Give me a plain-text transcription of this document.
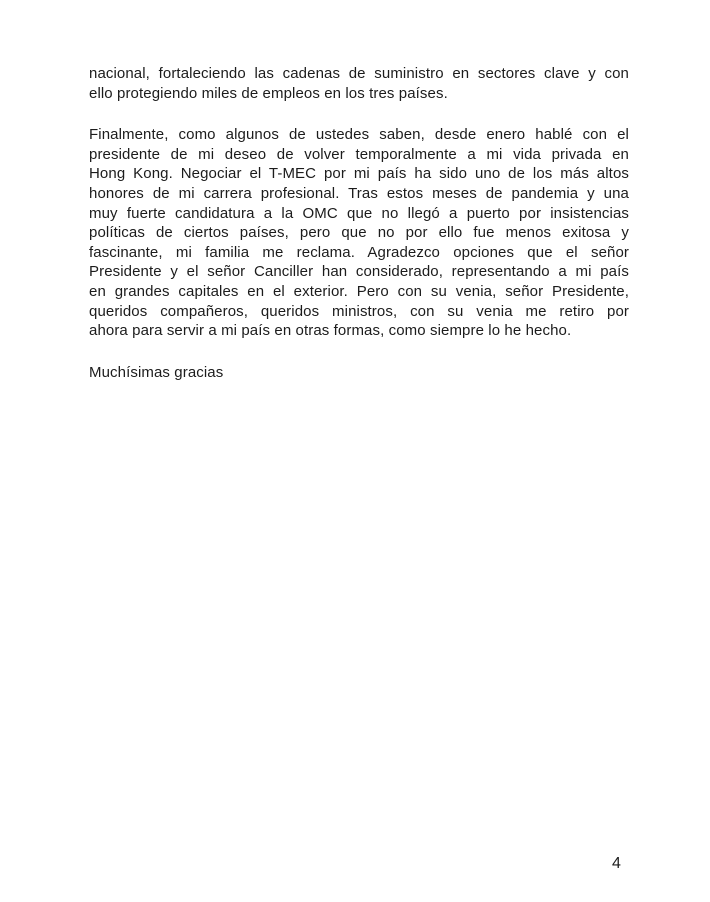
nacional, fortaleciendo las cadenas de suministro en sectores clave y con
ello protegiendo miles de empleos en los tres países.

Finalmente, como algunos de ustedes saben, desde enero hablé con el
presidente de mi deseo de volver temporalmente a mi vida privada en
Hong Kong. Negociar el T-MEC por mi país ha sido uno de los más altos
honores de mi carrera profesional. Tras estos meses de pandemia y una
muy fuerte candidatura a la OMC que no llegó a puerto por insistencias
políticas de ciertos países, pero que no por ello fue menos exitosa y
fascinante, mi familia me reclama. Agradezco opciones que el señor
Presidente y el señor Canciller han considerado, representando a mi país
en grandes capitales en el exterior. Pero con su venia, señor Presidente,
queridos compañeros, queridos ministros, con su venia me retiro por
ahora para servir a mi país en otras formas, como siempre lo he hecho.

Muchísimas gracias

4
